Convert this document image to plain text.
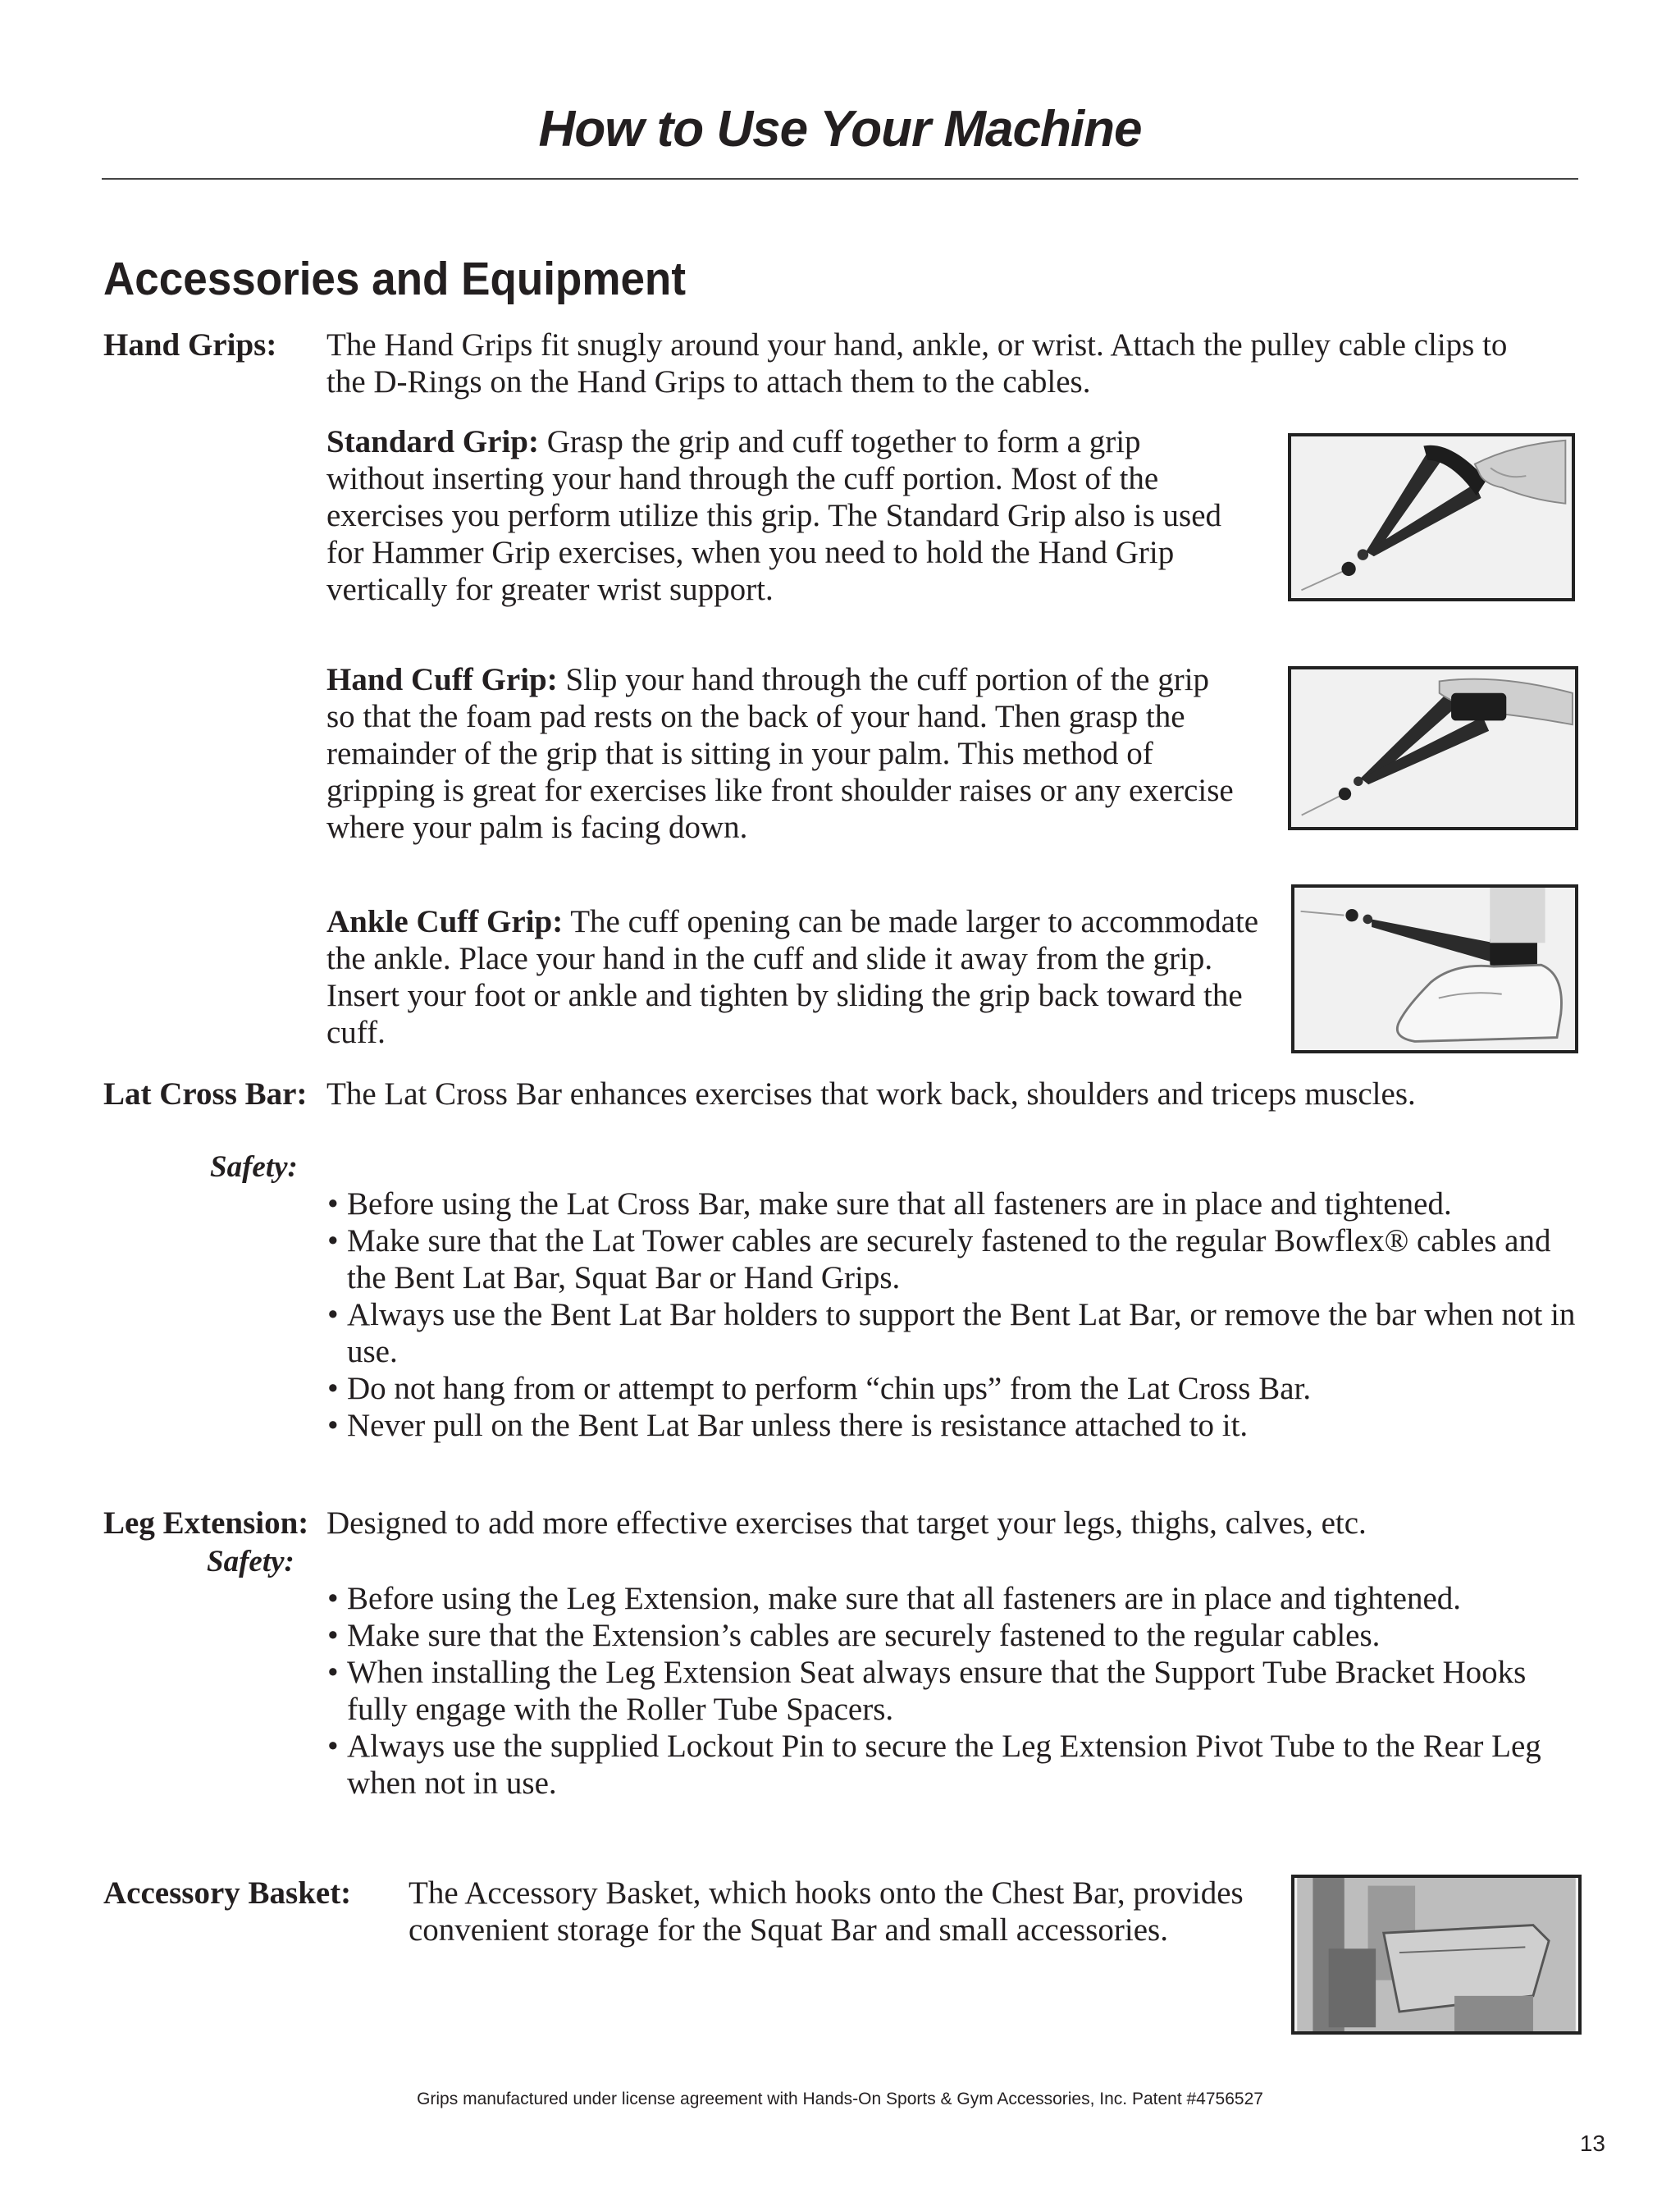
How to Use Your Machine
Accessories and Equipment
Hand Grips: The Hand Grips fit snugly around your hand, ankle, or wrist. Attach the pulley cable clips to the D-Rings on the Hand Grips to attach them to the cables.
Standard Grip: Grasp the grip and cuff together to form a grip without inserting your hand through the cuff portion. Most of the exercises you perform utilize this grip. The Standard Grip also is used for Hammer Grip exercises, when you need to hold the Hand Grip vertically for greater wrist support.
Hand Cuff Grip: Slip your hand through the cuff portion of the grip so that the foam pad rests on the back of your hand. Then grasp the remainder of the grip that is sitting in your palm. This method of gripping is great for exercises like front shoulder raises or any exercise where your palm is facing down.
Ankle Cuff Grip: The cuff opening can be made larger to accommodate the ankle. Place your hand in the cuff and slide it away from the grip. Insert your foot or ankle and tighten by sliding the grip back toward the cuff.
Lat Cross Bar: The Lat Cross Bar enhances exercises that work back, shoulders and triceps muscles.
Safety:
• Before using the Lat Cross Bar, make sure that all fasteners are in place and tightened.
• Make sure that the Lat Tower cables are securely fastened to the regular Bowflex® cables and the Bent Lat Bar, Squat Bar or Hand Grips.
• Always use the Bent Lat Bar holders to support the Bent Lat Bar, or remove the bar when not in use.
• Do not hang from or attempt to perform “chin ups” from the Lat Cross Bar.
• Never pull on the Bent Lat Bar unless there is resistance attached to it.
Leg Extension: Designed to add more effective exercises that target your legs, thighs, calves, etc.
Safety:
• Before using the Leg Extension, make sure that all fasteners are in place and tightened.
• Make sure that the Extension’s cables are securely fastened to the regular cables.
• When installing the Leg Extension Seat always ensure that the Support Tube Bracket Hooks fully engage with the Roller Tube Spacers.
• Always use the supplied Lockout Pin to secure the Leg Extension Pivot Tube to the Rear Leg when not in use.
Accessory Basket: The Accessory Basket, which hooks onto the Chest Bar, provides convenient storage for the Squat Bar and small accessories.
Grips manufactured under license agreement with Hands-On Sports & Gym Accessories, Inc. Patent #4756527
13
